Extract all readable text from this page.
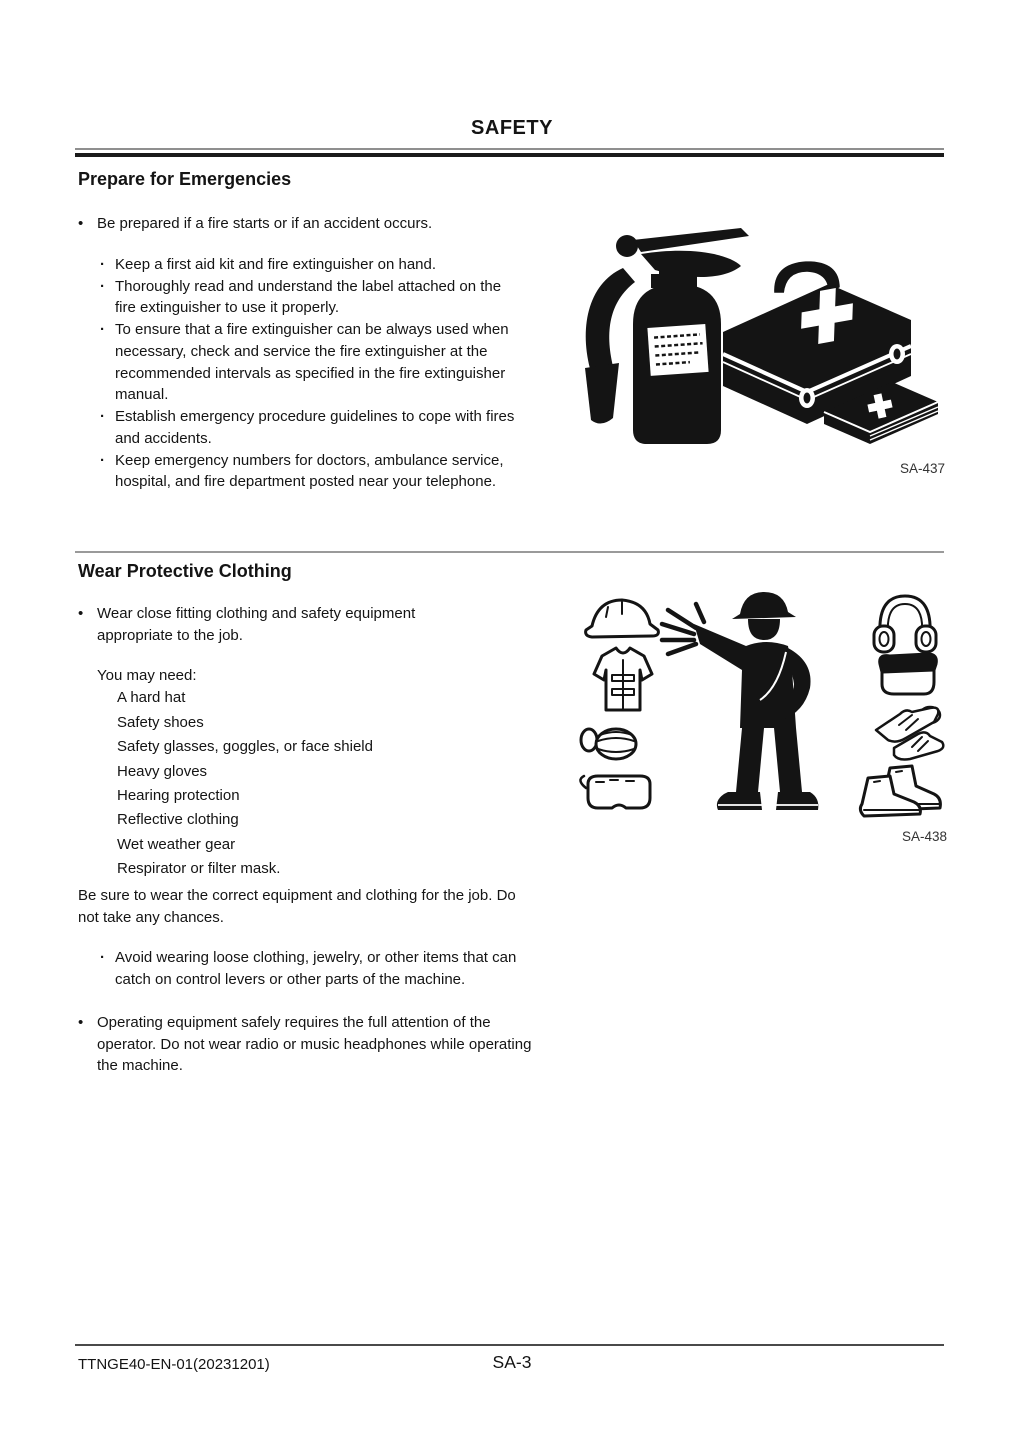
SAFETY
Prepare for Emergencies
• Be prepared if a fire starts or if an accident occurs.
· Keep a first aid kit and fire extinguisher on hand.
· Thoroughly read and understand the label attached on the fire extinguisher to use it properly.
· To ensure that a fire extinguisher can be always used when necessary, check and service the fire extinguisher at the recommended intervals as specified in the fire extinguisher manual.
· Establish emergency procedure guidelines to cope with fires and accidents.
· Keep emergency numbers for doctors, ambulance service, hospital, and fire department posted near your telephone.
SA-437
Wear Protective Clothing
• Wear close fitting clothing and safety equipment appropriate to the job.
You may need:
A hard hat
Safety shoes
Safety glasses, goggles, or face shield
Heavy gloves
Hearing protection
Reflective clothing
Wet weather gear
Respirator or filter mask.
Be sure to wear the correct equipment and clothing for the job. Do not take any chances.
· Avoid wearing loose clothing, jewelry, or other items that can catch on control levers or other parts of the machine.
• Operating equipment safely requires the full attention of the operator. Do not wear radio or music headphones while operating the machine.
SA-438
TTNGE40-EN-01(20231201)	SA-3
